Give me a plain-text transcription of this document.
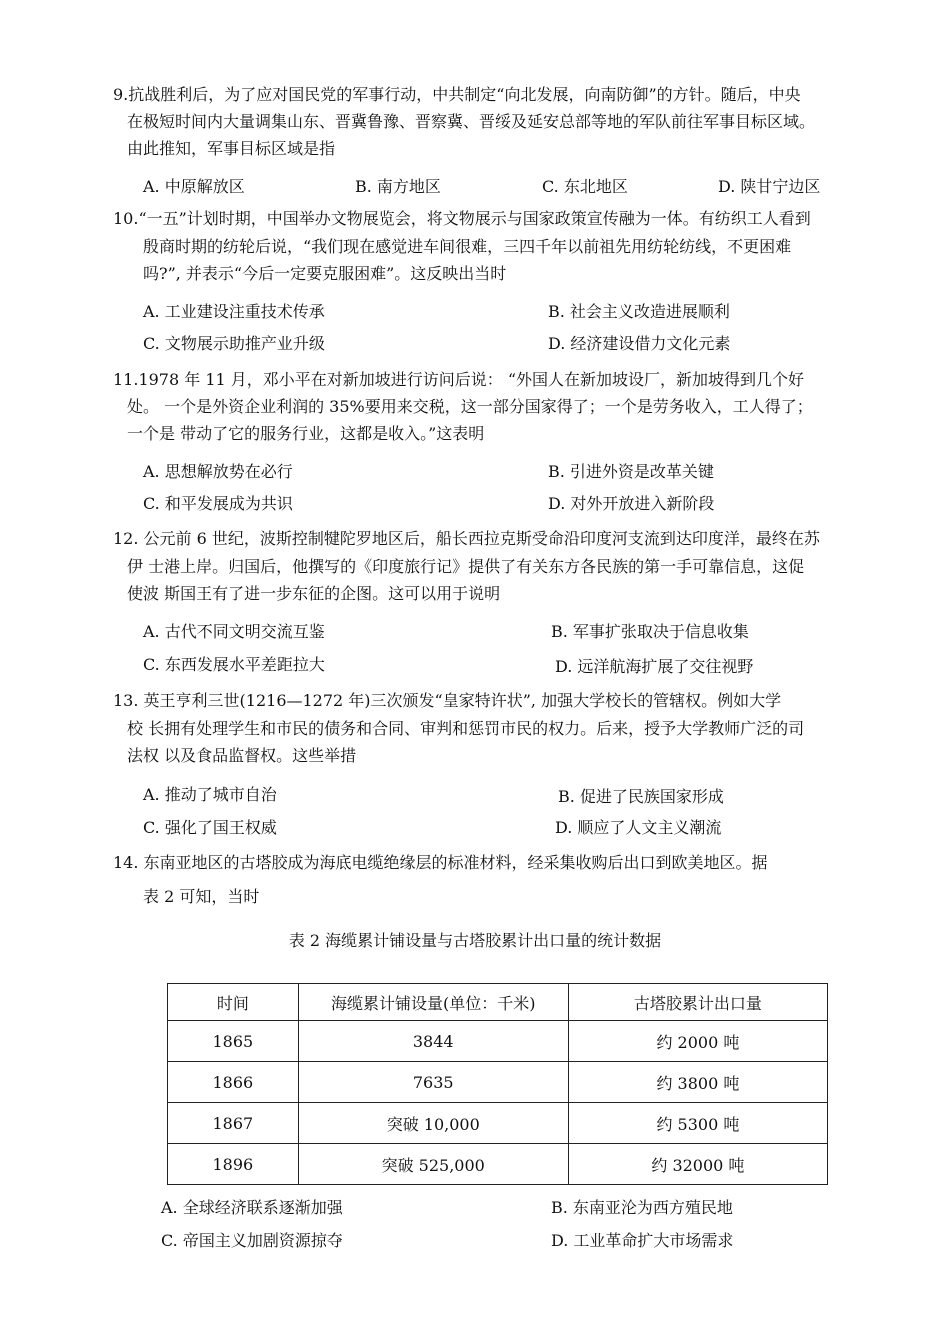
9.抗战胜利后，为了应对国民党的军事行动，中共制定“向北发展，向南防御”的方针。随后，中央
在极短时间内大量调集山东、晋冀鲁豫、晋察冀、晋绥及延安总部等地的军队前往军事目标区域。
由此推知，军事目标区域是指
A. 中原解放区	B. 南方地区	C. 东北地区	D. 陕甘宁边区
10.“一五”计划时期，中国举办文物展览会，将文物展示与国家政策宣传融为一体。有纺织工人看到
殷商时期的纺轮后说，“我们现在感觉进车间很难，三四千年以前祖先用纺轮纺线，不更困难
吗?”, 并表示“今后一定要克服困难”。这反映出当时
A. 工业建设注重技术传承	B. 社会主义改造进展顺利
C. 文物展示助推产业升级	D. 经济建设借力文化元素
11.1978 年 11 月，邓小平在对新加坡进行访问后说： “外国人在新加坡设厂，新加坡得到几个好
处。 一个是外资企业利润的 35%要用来交税，这一部分国家得了；一个是劳务收入，工人得了；
一个是 带动了它的服务行业，这都是收入。”这表明
A. 思想解放势在必行	B. 引进外资是改革关键
C. 和平发展成为共识	D. 对外开放进入新阶段
12. 公元前 6 世纪，波斯控制犍陀罗地区后，船长西拉克斯受命沿印度河支流到达印度洋，最终在苏
伊 士港上岸。归国后，他撰写的《印度旅行记》提供了有关东方各民族的第一手可靠信息，这促
使波 斯国王有了进一步东征的企图。这可以用于说明
A. 古代不同文明交流互鉴	B. 军事扩张取决于信息收集
C. 东西发展水平差距拉大	D. 远洋航海扩展了交往视野
13. 英王亨利三世(1216—1272 年)三次颁发“皇家特许状”, 加强大学校长的管辖权。例如大学
校 长拥有处理学生和市民的债务和合同、审判和惩罚市民的权力。后来，授予大学教师广泛的司
法权 以及食品监督权。这些举措
A. 推动了城市自治	B. 促进了民族国家形成
C. 强化了国王权威	D. 顺应了人文主义潮流
14. 东南亚地区的古塔胶成为海底电缆绝缘层的标准材料，经采集收购后出口到欧美地区。据
表 2 可知，当时
表 2 海缆累计铺设量与古塔胶累计出口量的统计数据
时间	海缆累计铺设量(单位：千米)	古塔胶累计出口量
1865	3844	约 2000 吨
1866	7635	约 3800 吨
1867	突破 10,000	约 5300 吨
1896	突破 525,000	约 32000 吨
A. 全球经济联系逐渐加强	B. 东南亚沦为西方殖民地
C. 帝国主义加剧资源掠夺	D. 工业革命扩大市场需求
